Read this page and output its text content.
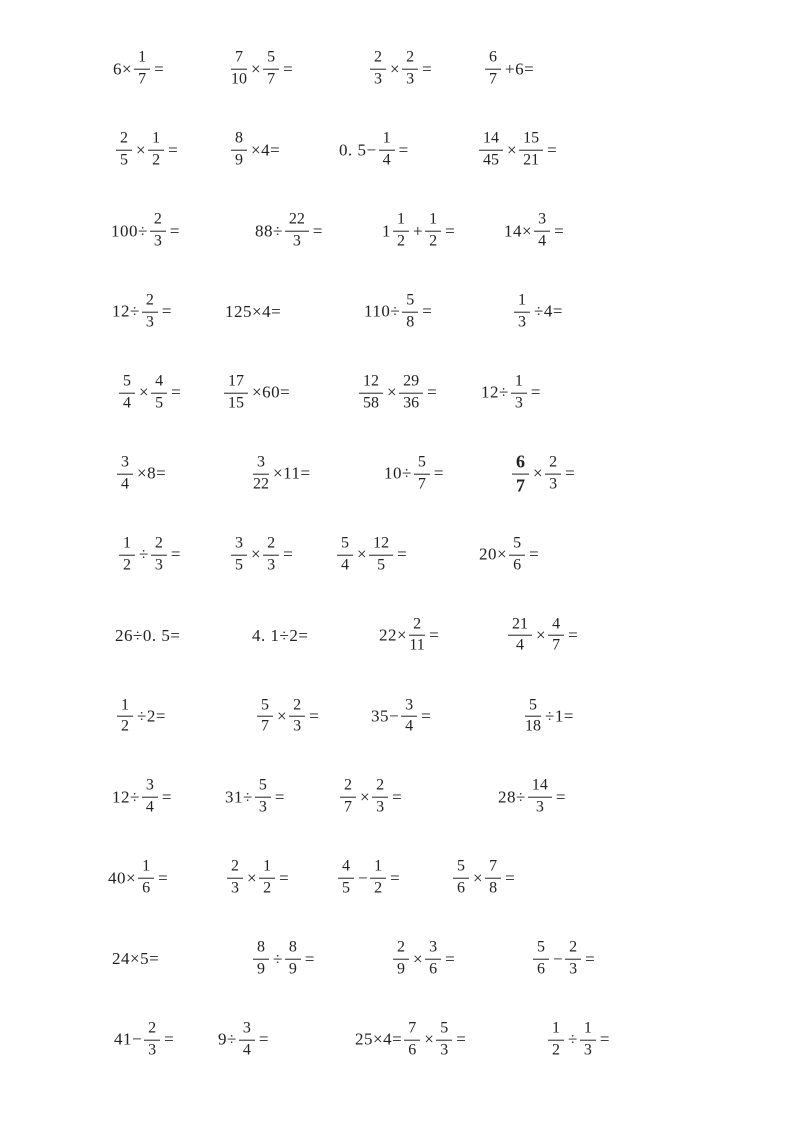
$6\times \frac{1}{7}$ =	$\frac{7}{10} \times \frac{5}{7}$ =	$\frac{2}{3} \times \frac{2}{3}$ =	$\frac{6}{7} +6=$
$\frac{2}{5} \times \frac{1}{2}$ =	$\frac{8}{9} \times 4=$	0. $5- \frac{1}{4}$ =	$\frac{14}{45} \times \frac{15}{21}$ =
$100\div \frac{2}{3}$ =	$88\div \frac{22}{3}$ =	$1 \frac{1}{2} + \frac{1}{2}$ =	$14\times \frac{3}{4}$ =
$12\div \frac{2}{3}$ =	125×4=	$110\div \frac{5}{8}$ =	$\frac{1}{3} \div 4=$
$\frac{5}{4} \times \frac{4}{5}$ =	$\frac{17}{15} \times 60=$	$\frac{12}{58} \times \frac{29}{36}$ =	$12\div \frac{1}{3}$ =
$\frac{3}{4} \times 8=$	$\frac{3}{22} \times 11=$	$10\div \frac{5}{7}$ =	$\frac{6}{7} \times \frac{2}{3}$ =
$\frac{1}{2} \div \frac{2}{3}$ =	$\frac{3}{5} \times \frac{2}{3}$ =	$\frac{5}{4} \times \frac{12}{5}$ =	$20\times \frac{5}{6}$ =
26÷0. 5=	4. 1÷2=	$22\times \frac{2}{11}$ =	$\frac{21}{4} \times \frac{4}{7}$ =
$\frac{1}{2} \div 2=$	$\frac{5}{7} \times \frac{2}{3}$ =	$35- \frac{3}{4}$ =	$\frac{5}{18} \div 1=$
$12\div \frac{3}{4}$ =	$31\div \frac{5}{3}$ =	$\frac{2}{7} \times \frac{2}{3}$ =	$28\div \frac{14}{3}$ =
$40\times \frac{1}{6}$ =	$\frac{2}{3} \times \frac{1}{2}$ =	$\frac{4}{5} - \frac{1}{2}$ =	$\frac{5}{6} \times \frac{7}{8}$ =
24×5=	$\frac{8}{9} \div \frac{8}{9}$ =	$\frac{2}{9} \times \frac{3}{6}$ =	$\frac{5}{6} - \frac{2}{3}$ =
$41- \frac{2}{3}$ =	$9\div \frac{3}{4}$ =	$25\times 4= \frac{7}{6} \times \frac{5}{3}$ =	$\frac{1}{2} \div \frac{1}{3}$ =
